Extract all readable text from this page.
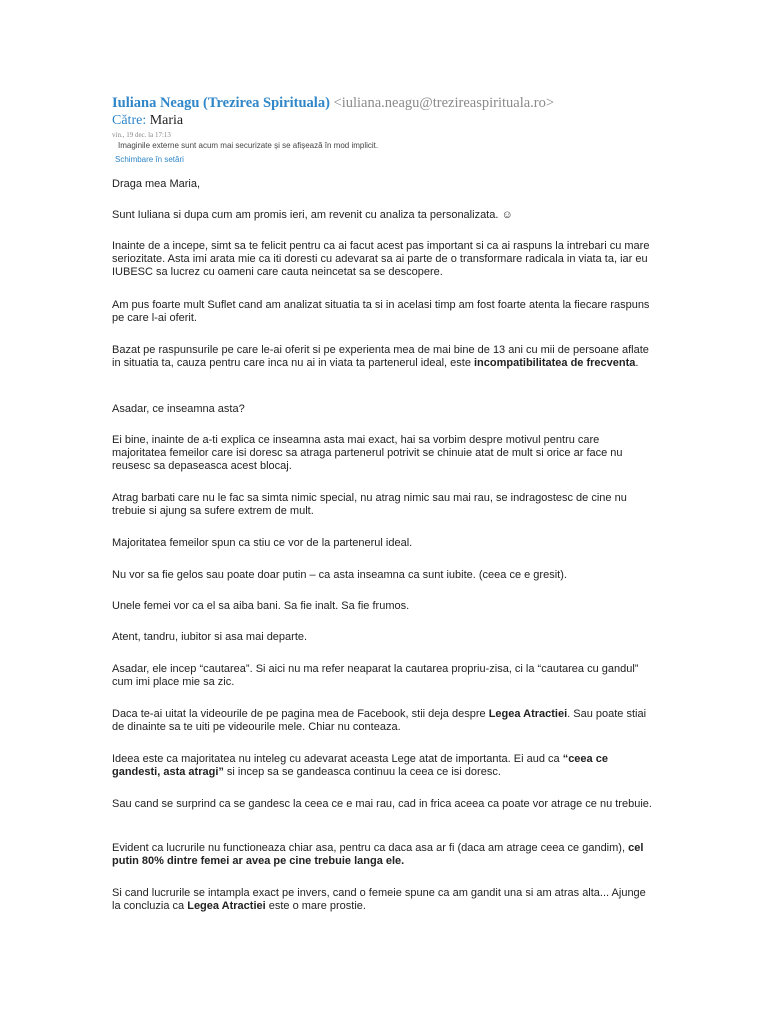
Iuliana Neagu (Trezirea Spirituala) <iuliana.neagu@trezireaspirituala.ro>
Către: Maria
vin., 19 dec. la 17:13
Imaginile externe sunt acum mai securizate și se afișează în mod implicit.
Schimbare în setări

Draga mea Maria,

Sunt Iuliana si dupa cum am promis ieri, am revenit cu analiza ta personalizata. ☺

Inainte de a incepe, simt sa te felicit pentru ca ai facut acest pas important si ca ai raspuns la intrebari cu mare seriozitate. Asta imi arata mie ca iti doresti cu adevarat sa ai parte de o transformare radicala in viata ta, iar eu IUBESC sa lucrez cu oameni care cauta neincetat sa se descopere.

Am pus foarte mult Suflet cand am analizat situatia ta si in acelasi timp am fost foarte atenta la fiecare raspuns pe care l-ai oferit.

Bazat pe raspunsurile pe care le-ai oferit si pe experienta mea de mai bine de 13 ani cu mii de persoane aflate in situatia ta, cauza pentru care inca nu ai in viata ta partenerul ideal, este incompatibilitatea de frecventa.

Asadar, ce inseamna asta?

Ei bine, inainte de a-ti explica ce inseamna asta mai exact, hai sa vorbim despre motivul pentru care majoritatea femeilor care isi doresc sa atraga partenerul potrivit se chinuie atat de mult si orice ar face nu reusesc sa depaseasca acest blocaj.

Atrag barbati care nu le fac sa simta nimic special, nu atrag nimic sau mai rau, se indragostesc de cine nu trebuie si ajung sa sufere extrem de mult.

Majoritatea femeilor spun ca stiu ce vor de la partenerul ideal.

Nu vor sa fie gelos sau poate doar putin – ca asta inseamna ca sunt iubite. (ceea ce e gresit).

Unele femei vor ca el sa aiba bani. Sa fie inalt. Sa fie frumos.

Atent, tandru, iubitor si asa mai departe.

Asadar, ele incep “cautarea”. Si aici nu ma refer neaparat la cautarea propriu-zisa, ci la “cautarea cu gandul” cum imi place mie sa zic.

Daca te-ai uitat la videourile de pe pagina mea de Facebook, stii deja despre Legea Atractiei. Sau poate stiai de dinainte sa te uiti pe videourile mele. Chiar nu conteaza.

Ideea este ca majoritatea nu inteleg cu adevarat aceasta Lege atat de importanta. Ei aud ca “ceea ce gandesti, asta atragi” si incep sa se gandeasca continuu la ceea ce isi doresc.

Sau cand se surprind ca se gandesc la ceea ce e mai rau, cad in frica aceea ca poate vor atrage ce nu trebuie.

Evident ca lucrurile nu functioneaza chiar asa, pentru ca daca asa ar fi (daca am atrage ceea ce gandim), cel putin 80% dintre femei ar avea pe cine trebuie langa ele.

Si cand lucrurile se intampla exact pe invers, cand o femeie spune ca am gandit una si am atras alta... Ajunge la concluzia ca Legea Atractiei este o mare prostie.
